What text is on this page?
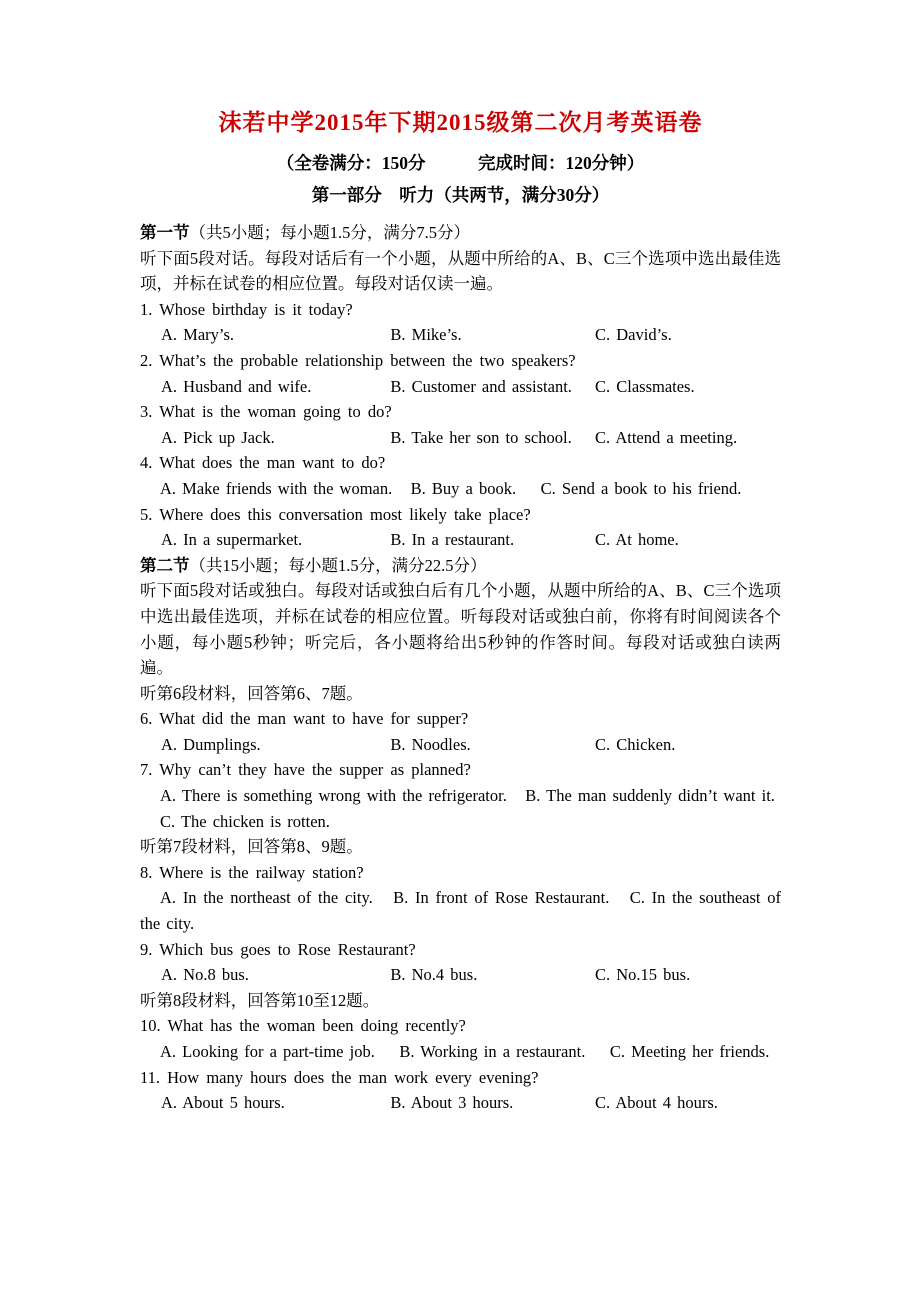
沫若中学2015年下期2015级第二次月考英语卷
（全卷满分：150分　　　完成时间：120分钟）
第一部分　听力（共两节，满分30分）
第一节（共5小题；每小题1.5分，满分7.5分）
听下面5段对话。每段对话后有一个小题，从题中所给的A、B、C三个选项中选出最佳选项，并标在试卷的相应位置。每段对话仅读一遍。
1. Whose birthday is it today?
A. Mary’s.	B. Mike’s.	C. David’s.
2. What’s the probable relationship between the two speakers?
A. Husband and wife.	B. Customer and assistant.	C. Classmates.
3. What is the woman going to do?
A. Pick up Jack.	B. Take her son to school.	C. Attend a meeting.
4. What does the man want to do?
A. Make friends with the woman.   B. Buy a book.    C. Send a book to his friend.
5. Where does this conversation most likely take place?
A. In a supermarket.	B. In a restaurant.	C. At home.
第二节（共15小题；每小题1.5分，满分22.5分）
听下面5段对话或独白。每段对话或独白后有几个小题，从题中所给的A、B、C三个选项中选出最佳选项，并标在试卷的相应位置。听每段对话或独白前，你将有时间阅读各个小题，每小题5秒钟；听完后，各小题将给出5秒钟的作答时间。每段对话或独白读两遍。
听第6段材料，回答第6、7题。
6. What did the man want to have for supper?
A. Dumplings.	B. Noodles.	C. Chicken.
7. Why can’t they have the supper as planned?
A. There is something wrong with the refrigerator.   B. The man suddenly didn’t want it.
C. The chicken is rotten.
听第7段材料，回答第8、9题。
8. Where is the railway station?
A. In the northeast of the city.   B. In front of Rose Restaurant.   C. In the southeast of the city.
9. Which bus goes to Rose Restaurant?
A. No.8 bus.	B. No.4 bus.	C. No.15 bus.
听第8段材料，回答第10至12题。
10. What has the woman been doing recently?
A. Looking for a part-time job.    B. Working in a restaurant.    C. Meeting her friends.
11. How many hours does the man work every evening?
A. About 5 hours.	B. About 3 hours.	C. About 4 hours.
